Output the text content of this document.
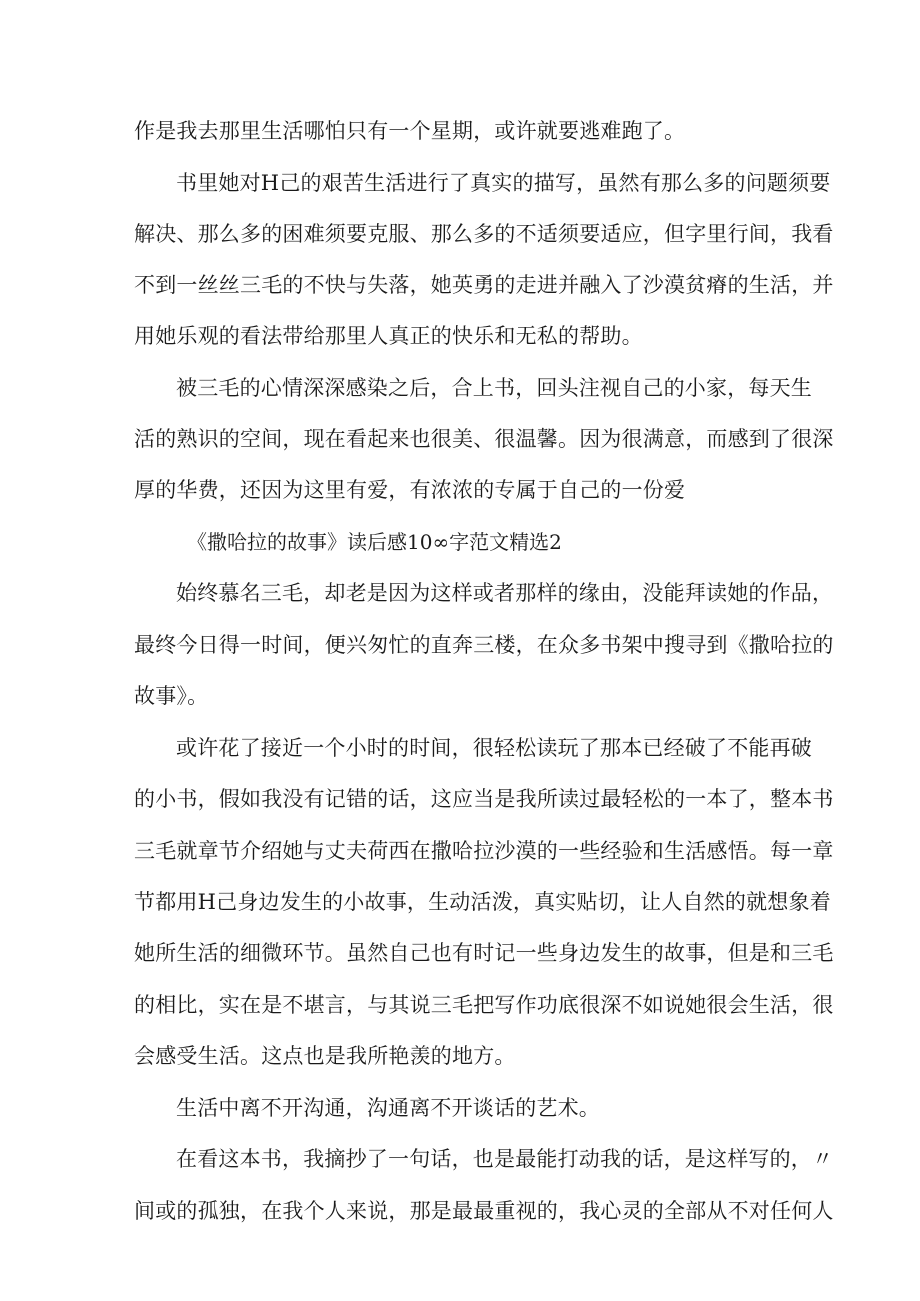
作是我去那里生活哪怕只有一个星期，或许就要逃难跑了。
书里她对H己的艰苦生活进行了真实的描写，虽然有那么多的问题须要
解决、那么多的困难须要克服、那么多的不适须要适应，但字里行间，我看
不到一丝丝三毛的不快与失落，她英勇的走进并融入了沙漠贫瘠的生活，并
用她乐观的看法带给那里人真正的快乐和无私的帮助。
被三毛的心情深深感染之后，合上书，回头注视自己的小家，每天生
活的熟识的空间，现在看起来也很美、很温馨。因为很满意，而感到了很深
厚的华费，还因为这里有爱，有浓浓的专属于自己的一份爱
《撒哈拉的故事》读后感10∞字范文精选2
始终慕名三毛，却老是因为这样或者那样的缘由，没能拜读她的作品，
最终今日得一时间，便兴匆忙的直奔三楼，在众多书架中搜寻到《撒哈拉的
故事》。
或许花了接近一个小时的时间，很轻松读玩了那本已经破了不能再破
的小书，假如我没有记错的话，这应当是我所读过最轻松的一本了，整本书
三毛就章节介绍她与丈夫荷西在撒哈拉沙漠的一些经验和生活感悟。每一章
节都用H己身边发生的小故事，生动活泼，真实贴切，让人自然的就想象着
她所生活的细微环节。虽然自己也有时记一些身边发生的故事，但是和三毛
的相比，实在是不堪言，与其说三毛把写作功底很深不如说她很会生活，很
会感受生活。这点也是我所艳羡的地方。
生活中离不开沟通，沟通离不开谈话的艺术。
在看这本书，我摘抄了一句话，也是最能打动我的话，是这样写的，〃
间或的孤独，在我个人来说，那是最最重视的，我心灵的全部从不对任何人
